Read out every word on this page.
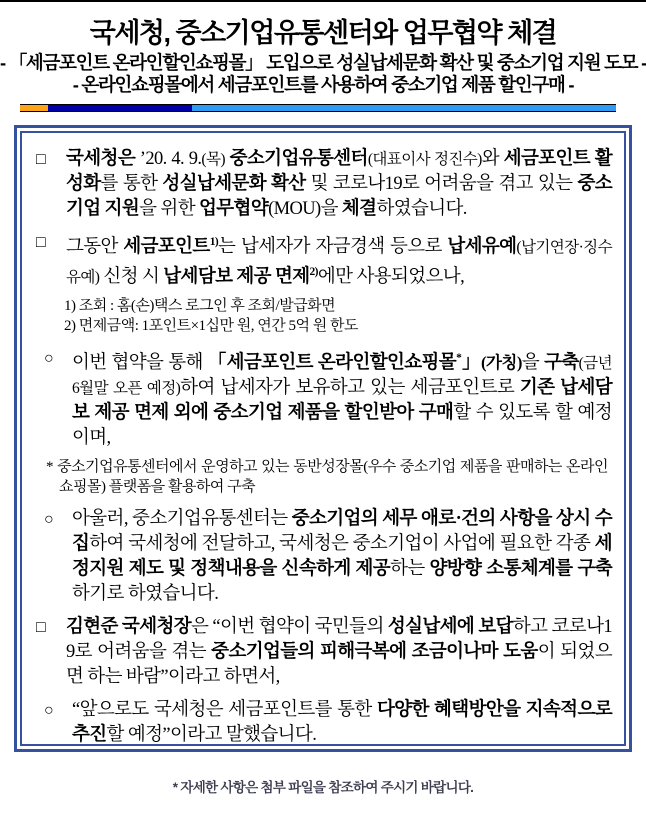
국세청, 중소기업유통센터와 업무협약 체결
- 「세금포인트 온라인할인쇼핑몰」 도입으로 성실납세문화 확산 및 중소기업 지원 도모 -
- 온라인쇼핑몰에서 세금포인트를 사용하여 중소기업 제품 할인구매 -
□	국세청은 ’20. 4. 9.(목) 중소기업유통센터(대표이사 정진수)와 세금포인트 활성화를 통한 성실납세문화 확산 및 코로나19로 어려움을 겪고 있는 중소기업 지원을 위한 업무협약(MOU)을 체결하였습니다.
□	그동안 세금포인트$^{1)}$는 납세자가 자금경색 등으로 납세유예(납기연장·징수유예) 신청 시 납세담보 제공 면제$^{2)}$에만 사용되었으나,
1) 조회 : 홈(손)택스 로그인 후 조회/발급화면
2) 면제금액: 1포인트×1십만 원, 연간 5억 원 한도
○	이번 협약을 통해 「세금포인트 온라인할인쇼핑몰*」(가칭)을 구축(금년 6월말 오픈 예정)하여 납세자가 보유하고 있는 세금포인트로 기존 납세담보 제공 면제 외에 중소기업 제품을 할인받아 구매할 수 있도록 할 예정이며,
* 중소기업유통센터에서 운영하고 있는 동반성장몰(우수 중소기업 제품을 판매하는 온라인쇼핑몰) 플랫폼을 활용하여 구축
○	아울러, 중소기업유통센터는 중소기업의 세무 애로·건의 사항을 상시 수집하여 국세청에 전달하고, 국세청은 중소기업이 사업에 필요한 각종 세정지원 제도 및 정책내용을 신속하게 제공하는 양방향 소통체계를 구축하기로 하였습니다.
□	김현준 국세청장은 “이번 협약이 국민들의 성실납세에 보답하고 코로나19로 어려움을 겪는 중소기업들의 피해극복에 조금이나마 도움이 되었으면 하는 바람”이라고 하면서,
○	“앞으로도 국세청은 세금포인트를 통한 다양한 혜택방안을 지속적으로 추진할 예정”이라고 말했습니다.
* 자세한 사항은 첨부 파일을 참조하여 주시기 바랍니다.
